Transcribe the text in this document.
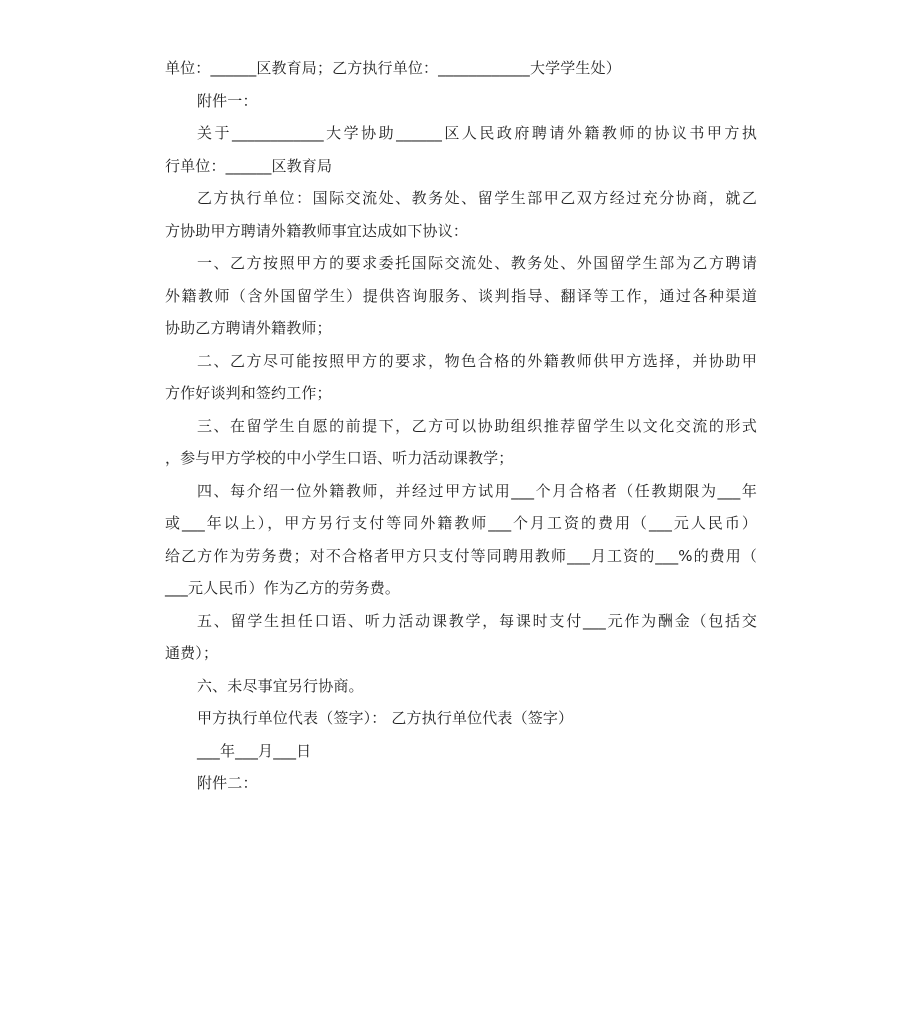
单位：______区教育局；乙方执行单位：____________大学学生处）
附件一：
关于____________大学协助______区人民政府聘请外籍教师的协议书甲方执
行单位：______区教育局
乙方执行单位：国际交流处、教务处、留学生部甲乙双方经过充分协商，就乙
方协助甲方聘请外籍教师事宜达成如下协议：
一、乙方按照甲方的要求委托国际交流处、教务处、外国留学生部为乙方聘请
外籍教师（含外国留学生）提供咨询服务、谈判指导、翻译等工作，通过各种渠道
协助乙方聘请外籍教师；
二、乙方尽可能按照甲方的要求，物色合格的外籍教师供甲方选择，并协助甲
方作好谈判和签约工作；
三、在留学生自愿的前提下，乙方可以协助组织推荐留学生以文化交流的形式
，参与甲方学校的中小学生口语、听力活动课教学；
四、每介绍一位外籍教师，并经过甲方试用___个月合格者（任教期限为___年
或___年以上），甲方另行支付等同外籍教师___个月工资的费用（___元人民币）
给乙方作为劳务费；对不合格者甲方只支付等同聘用教师___月工资的___%的费用（
___元人民币）作为乙方的劳务费。
五、留学生担任口语、听力活动课教学，每课时支付___元作为酬金（包括交
通费）；
六、未尽事宜另行协商。
甲方执行单位代表（签字）： 乙方执行单位代表（签字）
___年___月___日
附件二：
